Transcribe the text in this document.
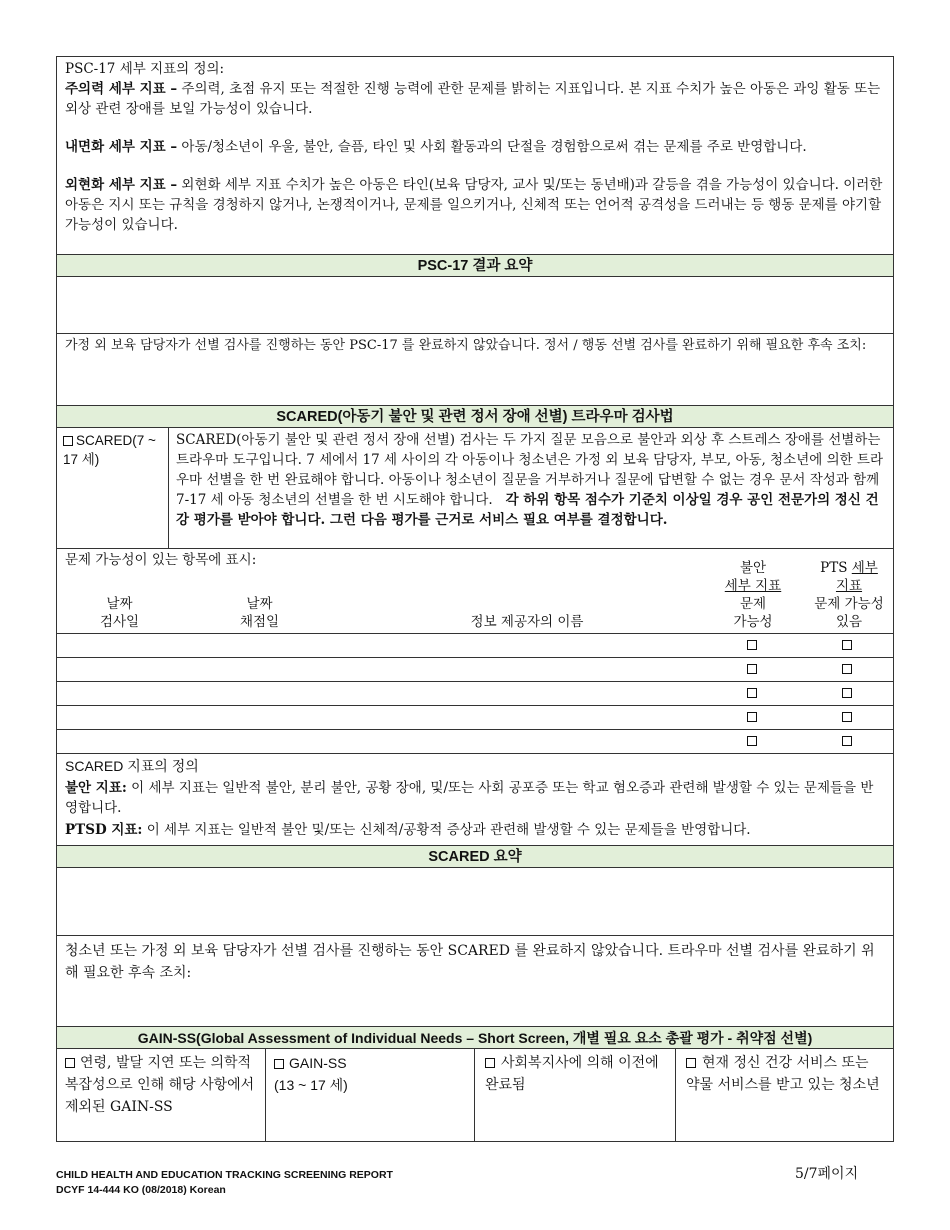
PSC-17 세부 지표의 정의:
주의력 세부 지표 – 주의력, 초점 유지 또는 적절한 진행 능력에 관한 문제를 밝히는 지표입니다. 본 지표 수치가 높은 아동은 과잉 활동 또는 외상 관련 장애를 보일 가능성이 있습니다.
내면화 세부 지표 – 아동/청소년이 우울, 불안, 슬픔, 타인 및 사회 활동과의 단절을 경험함으로써 겪는 문제를 주로 반영합니다.
외현화 세부 지표 – 외현화 세부 지표 수치가 높은 아동은 타인(보육 담당자, 교사 및/또는 동년배)과 갈등을 겪을 가능성이 있습니다. 이러한 아동은 지시 또는 규칙을 경청하지 않거나, 논쟁적이거나, 문제를 일으키거나, 신체적 또는 언어적 공격성을 드러내는 등 행동 문제를 야기할 가능성이 있습니다.
PSC-17 결과 요약
가정 외 보육 담당자가 선별 검사를 진행하는 동안 PSC-17 를 완료하지 않았습니다. 정서 / 행동 선별 검사를 완료하기 위해 필요한 후속 조치:
SCARED(아동기 불안 및 관련 정서 장애 선별) 트라우마 검사법
SCARED(7 ~ 17 세)
SCARED(아동기 불안 및 관련 정서 장애 선별) 검사는 두 가지 질문 모음으로 불안과 외상 후 스트레스 장애를 선별하는 트라우마 도구입니다. 7 세에서 17 세 사이의 각 아동이나 청소년은 가정 외 보육 담당자, 부모, 아동, 청소년에 의한 트라우마 선별을 한 번 완료해야 합니다. 아동이나 청소년이 질문을 거부하거나 질문에 답변할 수 없는 경우 문서 작성과 함께 7-17 세 아동 청소년의 선별을 한 번 시도해야 합니다. 각 하위 항목 점수가 기준치 이상일 경우 공인 전문가의 정신 건강 평가를 받아야 합니다. 그런 다음 평가를 근거로 서비스 필요 여부를 결정합니다.
문제 가능성이 있는 항목에 표시:
날짜
검사일
날짜
채점일	정보 제공자의 이름
불안
세부 지표
문제
가능성
PTS 세부
지표
문제 가능성
있음
SCARED 지표의 정의
불안 지표: 이 세부 지표는 일반적 불안, 분리 불안, 공황 장애, 및/또는 사회 공포증 또는 학교 혐오증과 관련해 발생할 수 있는 문제들을 반영합니다.
PTSD 지표: 이 세부 지표는 일반적 불안 및/또는 신체적/공황적 증상과 관련해 발생할 수 있는 문제들을 반영합니다.
SCARED 요약
청소년 또는 가정 외 보육 담당자가 선별 검사를 진행하는 동안 SCARED 를 완료하지 않았습니다. 트라우마 선별 검사를 완료하기 위해 필요한 후속 조치:
GAIN-SS(Global Assessment of Individual Needs – Short Screen, 개별 필요 요소 총괄 평가 - 취약점 선별)
연령, 발달 지연 또는 의학적 복잡성으로 인해 해당 사항에서 제외된 GAIN-SS
GAIN-SS
(13 ~ 17 세)
사회복지사에 의해 이전에 완료됨
현재 정신 건강 서비스 또는 약물 서비스를 받고 있는 청소년
CHILD HEALTH AND EDUCATION TRACKING SCREENING REPORT
DCYF 14-444 KO (08/2018) Korean
5/7페이지
